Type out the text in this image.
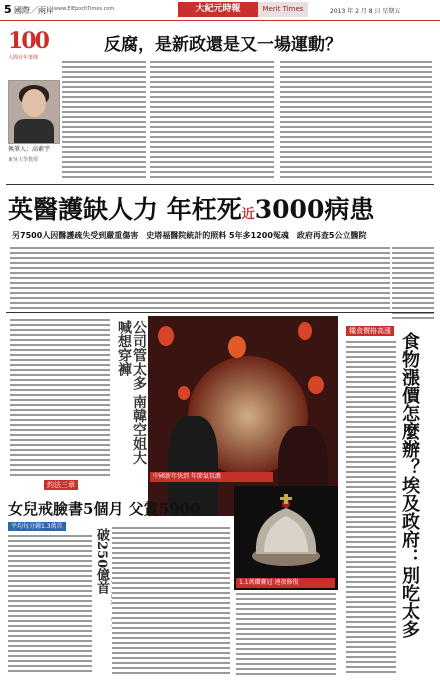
5 國際／兩岸 www.ElEpochTimes.com	大紀元時報	Merit Times	2013 年 2 月 8 日 星期五
100
人間百年筆陣
反腐，是新政還是又一場運動？
執筆人：高素宇
東吳大學教授
英醫護缺人力 年枉死近3000病患
另7500人因醫護疏失受到嚴重傷害　史塔福醫院統計的照料 5年多1200冤魂　政府再查5公立醫院
公司管太多 南韓空姐大喊想穿褲
中國新年快到 年節氣氛濃
糧食價格高漲
食物漲價怎麼辦？埃及政府：別吃太多
約法三章
女兒戒臉書5個月 父賞5900
平均每分鐘1.3萬首
1.1萬鑽寶冠 連夜修復
破250億首
